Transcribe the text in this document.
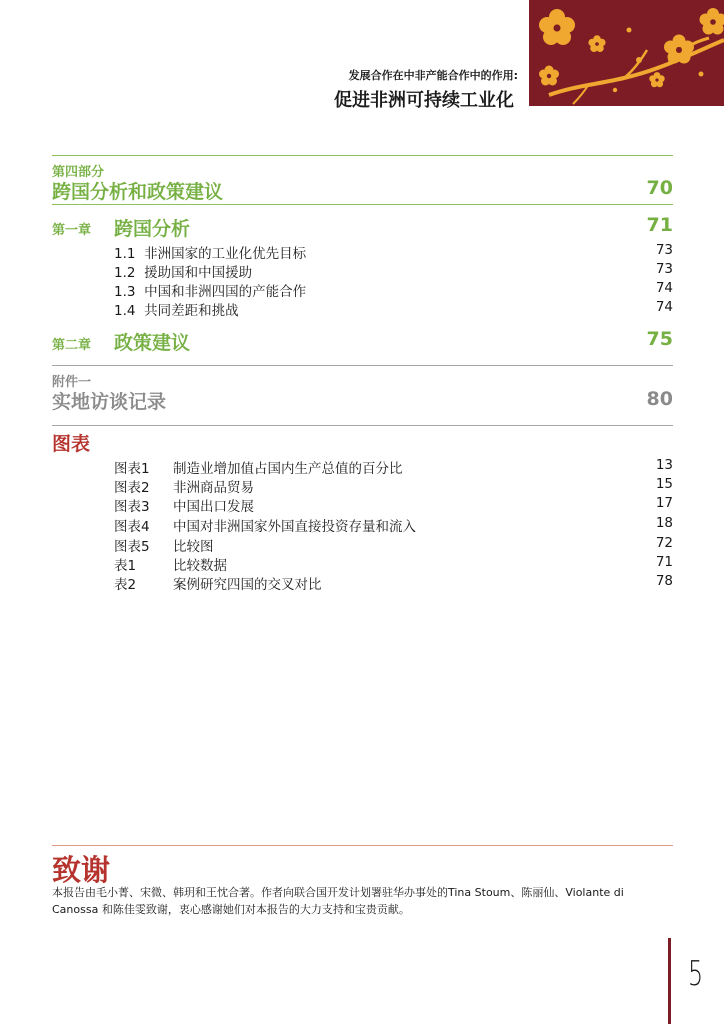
发展合作在中非产能合作中的作用:
促进非洲可持续工业化
第四部分
跨国分析和政策建议	70
第一章 跨国分析	71
1.1 非洲国家的工业化优先目标	73
1.2 援助国和中国援助	73
1.3 中国和非洲四国的产能合作	74
1.4 共同差距和挑战	74
第二章 政策建议	75
附件一
实地访谈记录	80
图表
图表1 制造业增加值占国内生产总值的百分比	13
图表2 非洲商品贸易	15
图表3 中国出口发展	17
图表4 中国对非洲国家外国直接投资存量和流入	18
图表5 比较图	72
表1	比较数据	71
表2	案例研究四国的交叉对比	78
致谢
本报告由毛小菁、宋微、韩玥和王忱合著。作者向联合国开发计划署驻华办事处的Tina Stoum、陈丽仙、Violante di Canossa 和陈佳雯致谢，衷心感谢她们对本报告的大力支持和宝贵贡献。
5
